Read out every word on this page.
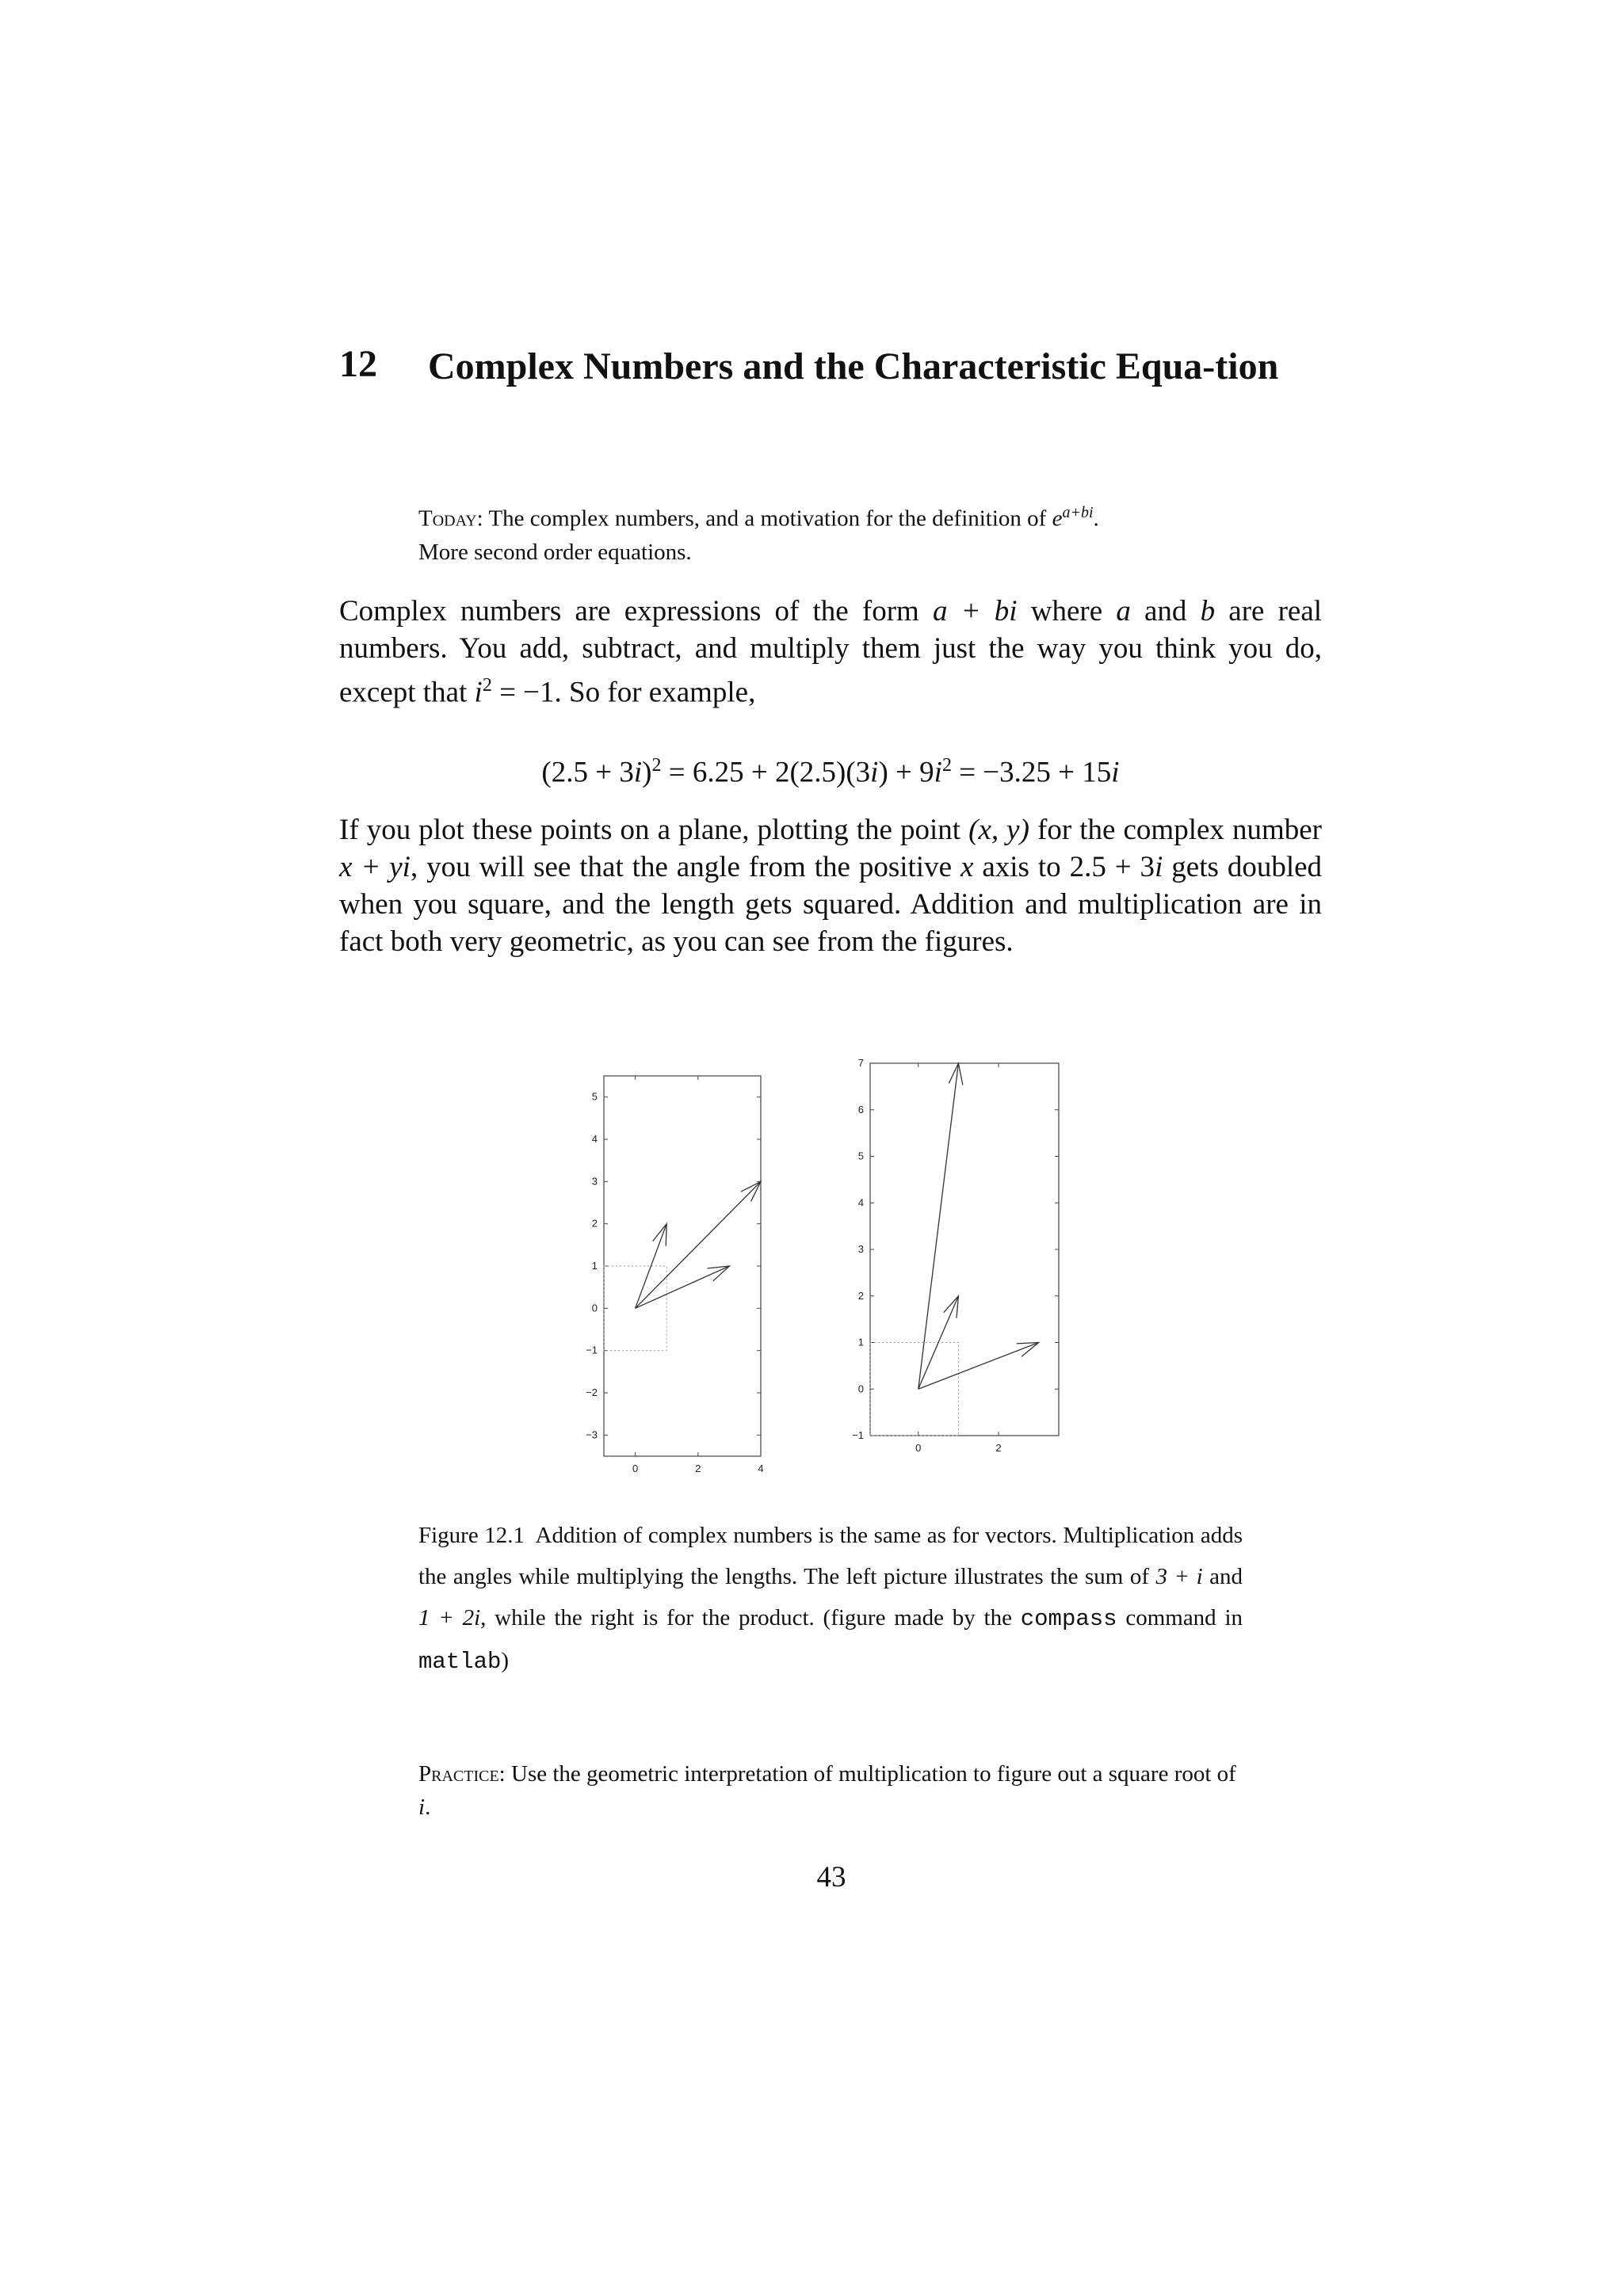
12 Complex Numbers and the Characteristic Equa-tion
Today: The complex numbers, and a motivation for the definition of $e^{a+bi}$.
More second order equations.
Complex numbers are expressions of the form a + bi where a and b are real numbers. You add, subtract, and multiply them just the way you think you do, except that $i^2 = -1$. So for example,
$(2.5 + 3i)^2 = 6.25 + 2(2.5)(3i) + 9i^2 = -3.25 + 15i$
If you plot these points on a plane, plotting the point (x, y) for the complex number x + yi, you will see that the angle from the positive x axis to 2.5 + 3i gets doubled when you square, and the length gets squared. Addition and multiplication are in fact both very geometric, as you can see from the figures.
5
4
3
2
1
0
−1
−2
−3
0	2	4
7
6
5
4
3
2
1
0
−1
0	2
Figure 12.1 Addition of complex numbers is the same as for vectors. Multiplication adds the angles while multiplying the lengths. The left picture illustrates the sum of 3 + i and 1 + 2i, while the right is for the product. (figure made by the compass command in matlab)
Practice: Use the geometric interpretation of multiplication to figure out a square root of i.
43
